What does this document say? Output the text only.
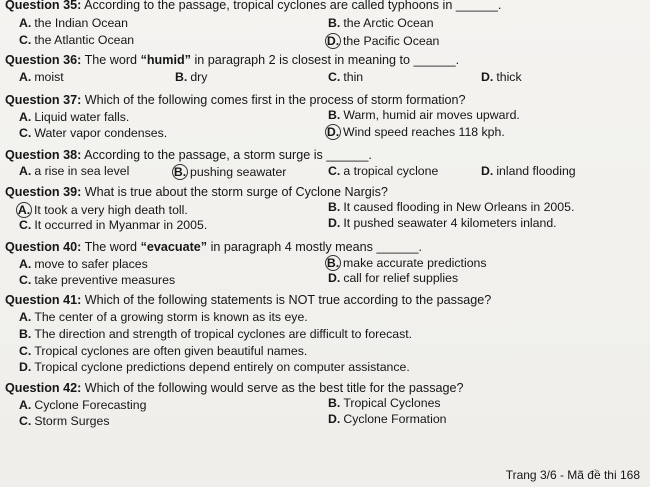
Question 35: According to the passage, tropical cyclones are called typhoons in ______.
A. the Indian Ocean	B. the Arctic Ocean
C. the Atlantic Ocean	D. the Pacific Ocean
Question 36: The word “humid” in paragraph 2 is closest in meaning to ______.
A. moist	B. dry	C. thin	D. thick
Question 37: Which of the following comes first in the process of storm formation?
A. Liquid water falls.	B. Warm, humid air moves upward.
C. Water vapor condenses.	D. Wind speed reaches 118 kph.
Question 38: According to the passage, a storm surge is ______.
A. a rise in sea level	B. pushing seawater	C. a tropical cyclone	D. inland flooding
Question 39: What is true about the storm surge of Cyclone Nargis?
A. It took a very high death toll.	B. It caused flooding in New Orleans in 2005.
C. It occurred in Myanmar in 2005.	D. It pushed seawater 4 kilometers inland.
Question 40: The word “evacuate” in paragraph 4 mostly means ______.
A. move to safer places	B. make accurate predictions
C. take preventive measures	D. call for relief supplies
Question 41: Which of the following statements is NOT true according to the passage?
A. The center of a growing storm is known as its eye.
B. The direction and strength of tropical cyclones are difficult to forecast.
C. Tropical cyclones are often given beautiful names.
D. Tropical cyclone predictions depend entirely on computer assistance.
Question 42: Which of the following would serve as the best title for the passage?
A. Cyclone Forecasting	B. Tropical Cyclones
C. Storm Surges	D. Cyclone Formation
Trang 3/6 - Mã đề thi 168
